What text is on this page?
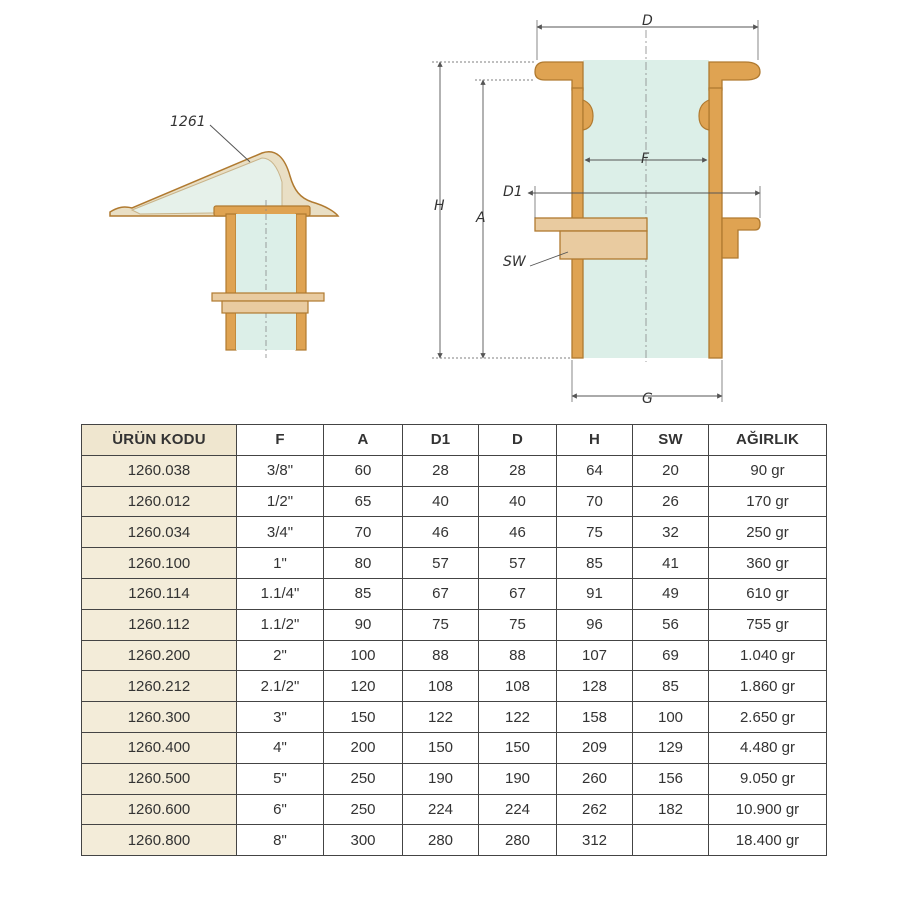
1261
D
F
D1
H
A
SW
G
ÜRÜN KODU	F	A	D1	D	H	SW	AĞIRLIK
1260.038	3/8"	60	28	28	64	20	90 gr
1260.012	1/2"	65	40	40	70	26	170 gr
1260.034	3/4"	70	46	46	75	32	250 gr
1260.100	1"	80	57	57	85	41	360 gr
1260.114	1.1/4"	85	67	67	91	49	610 gr
1260.112	1.1/2"	90	75	75	96	56	755 gr
1260.200	2"	100	88	88	107	69	1.040 gr
1260.212	2.1/2"	120	108	108	128	85	1.860 gr
1260.300	3"	150	122	122	158	100	2.650 gr
1260.400	4"	200	150	150	209	129	4.480 gr
1260.500	5"	250	190	190	260	156	9.050 gr
1260.600	6"	250	224	224	262	182	10.900 gr
1260.800	8"	300	280	280	312		18.400 gr
